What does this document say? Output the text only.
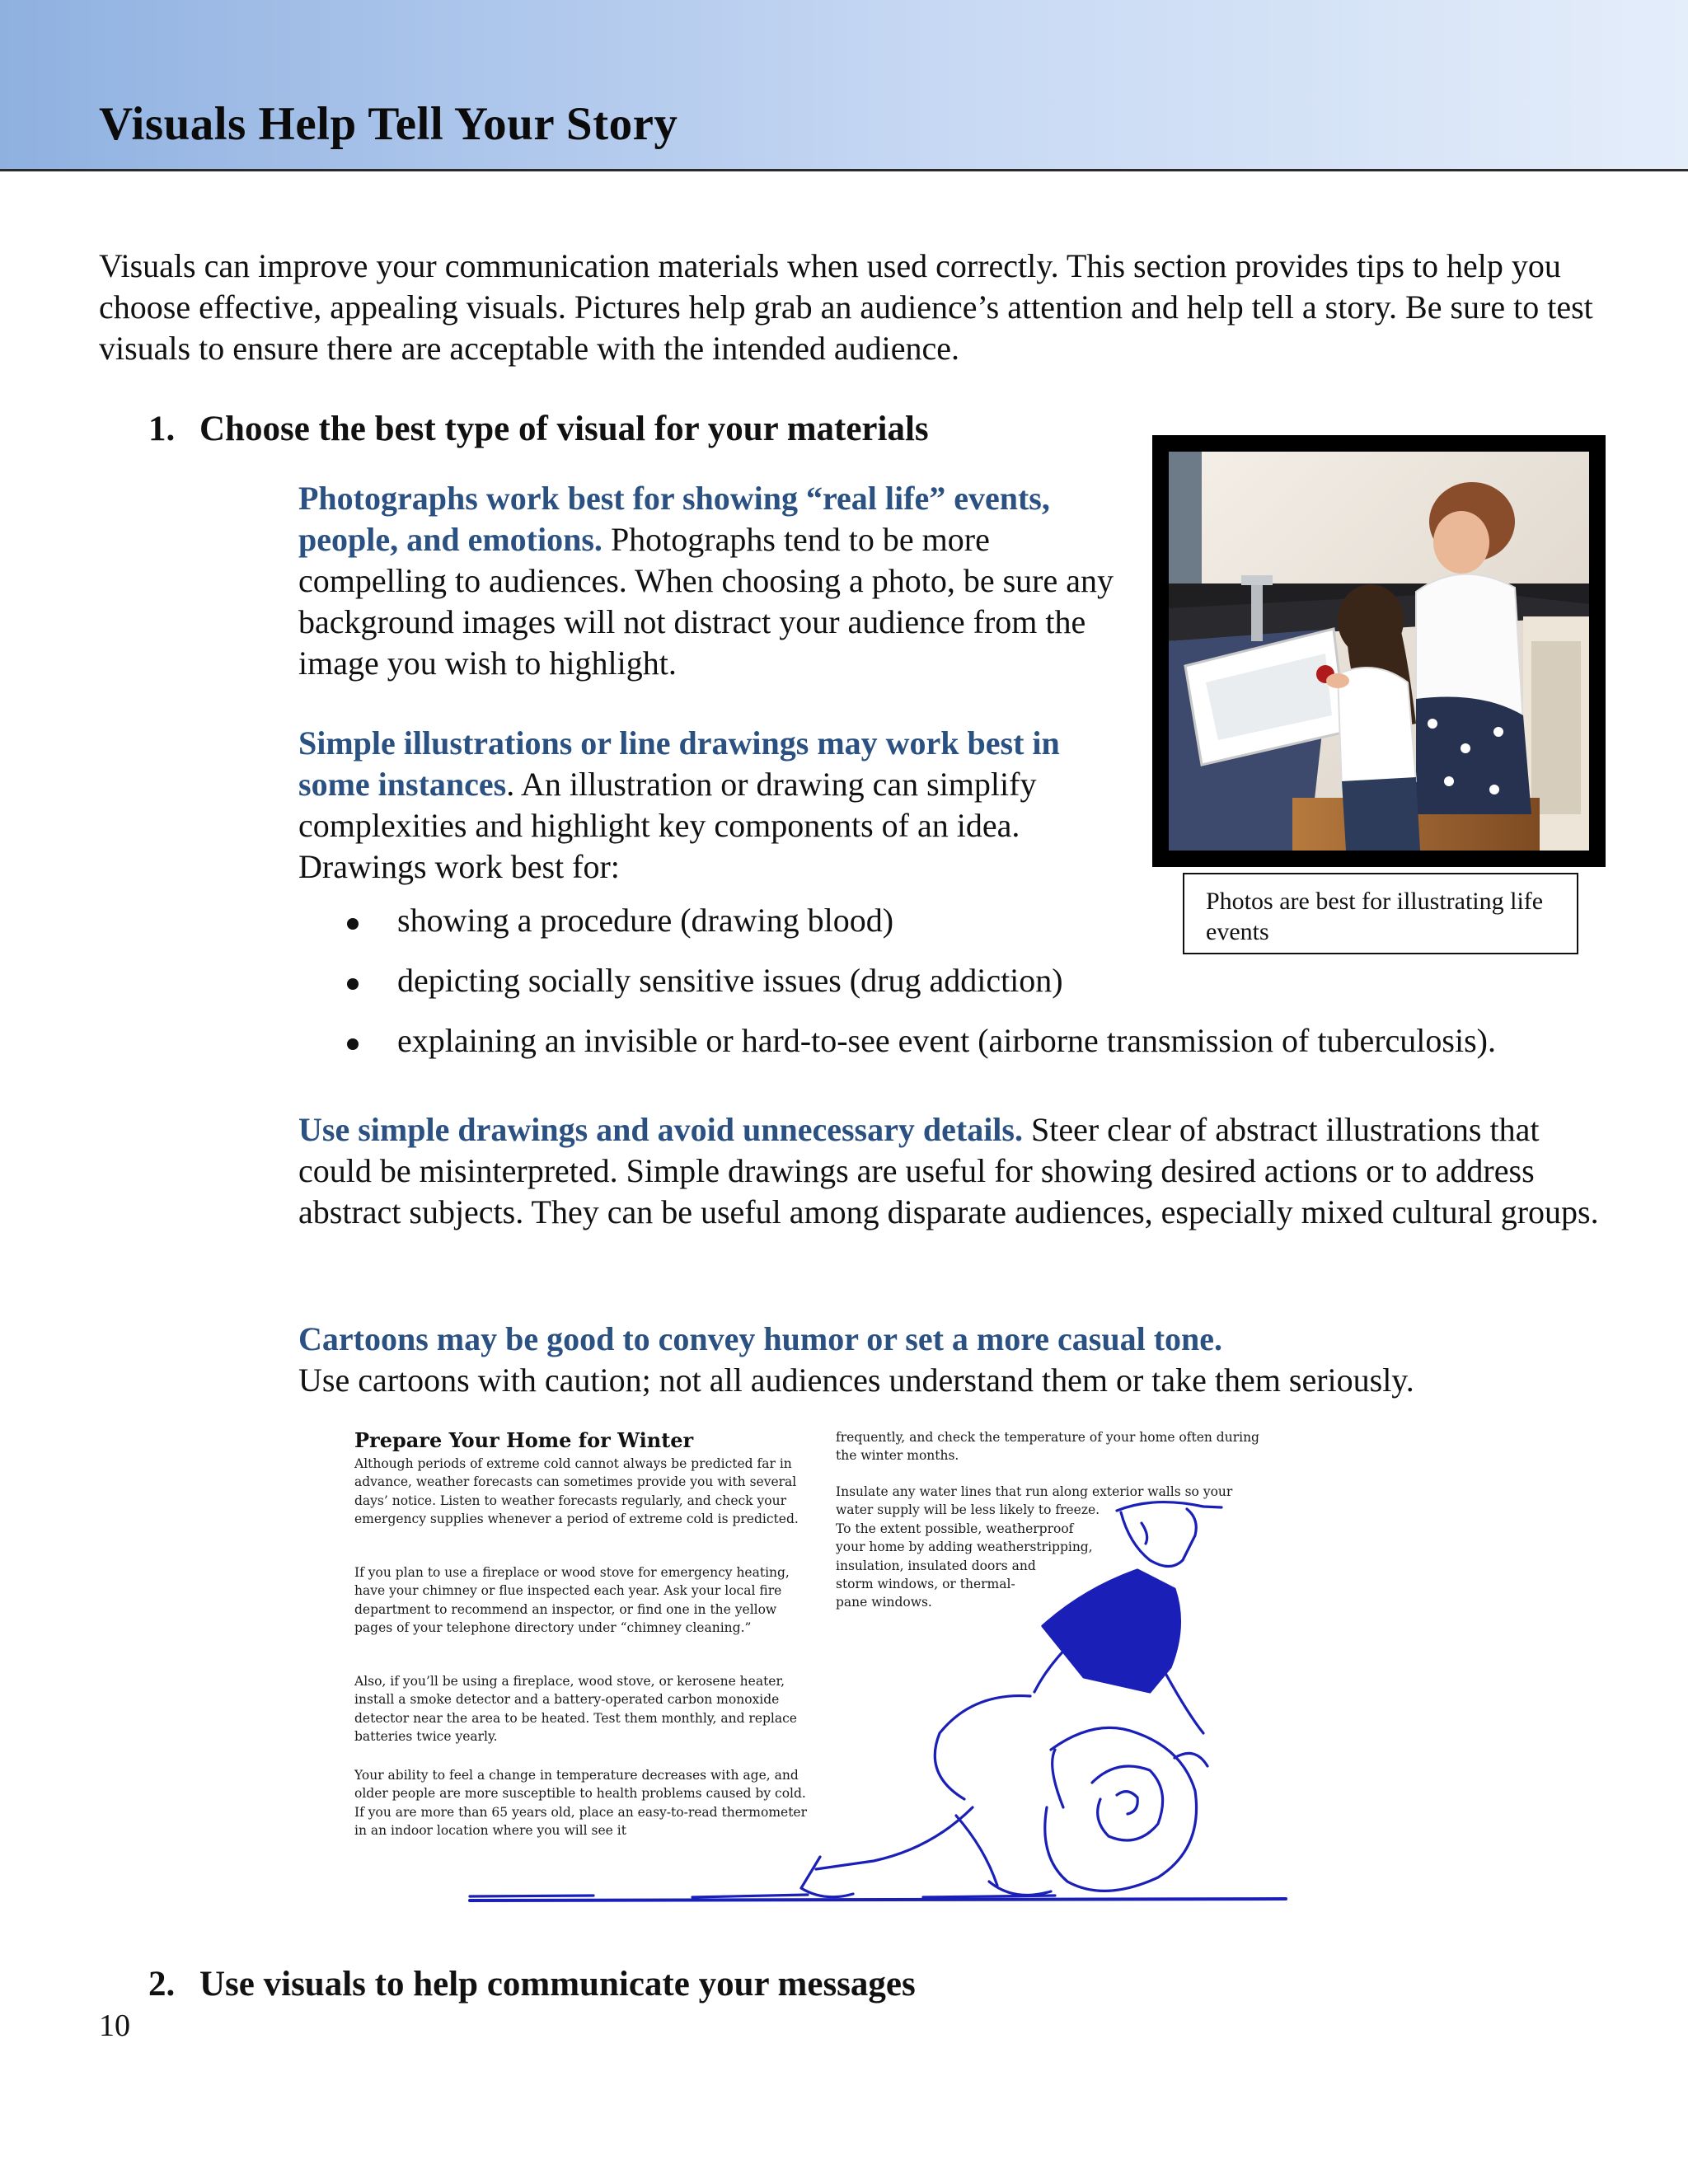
Visuals Help Tell Your Story

Visuals can improve your communication materials when used correctly. This section provides tips to help you choose effective, appealing visuals. Pictures help grab an audience’s attention and help tell a story. Be sure to test visuals to ensure there are acceptable with the intended audience.

1. Choose the best type of visual for your materials

Photographs work best for showing “real life” events, people, and emotions. Photographs tend to be more compelling to audiences. When choosing a photo, be sure any background images will not distract your audience from the image you wish to highlight.

Simple illustrations or line drawings may work best in some instances. An illustration or drawing can simplify complexities and highlight key components of an idea. Drawings work best for:

showing a procedure (drawing blood)
depicting socially sensitive issues (drug addiction)
explaining an invisible or hard-to-see event (airborne transmission of tuberculosis).

Use simple drawings and avoid unnecessary details. Steer clear of abstract illustrations that could be misinterpreted. Simple drawings are useful for showing desired actions or to address abstract subjects. They can be useful among disparate audiences, especially mixed cultural groups.

Cartoons may be good to convey humor or set a more casual tone.
Use cartoons with caution; not all audiences understand them or take them seriously.

Photos are best for illustrating life events

Prepare Your Home for Winter

Although periods of extreme cold cannot always be predicted far in advance, weather forecasts can sometimes provide you with several days’ notice. Listen to weather forecasts regularly, and check your emergency supplies whenever a period of extreme cold is predicted.

If you plan to use a fireplace or wood stove for emergency heating, have your chimney or flue inspected each year. Ask your local fire department to recommend an inspector, or find one in the yellow pages of your telephone directory under “chimney cleaning.”

Also, if you’ll be using a fireplace, wood stove, or kerosene heater, install a smoke detector and a battery-operated carbon monoxide detector near the area to be heated. Test them monthly, and replace batteries twice yearly.

Your ability to feel a change in temperature decreases with age, and older people are more susceptible to health problems caused by cold. If you are more than 65 years old, place an easy-to-read thermometer in an indoor location where you will see it

frequently, and check the temperature of your home often during the winter months.

Insulate any water lines that run along exterior walls so your water supply will be less likely to freeze.
To the extent possible, weatherproof
your home by adding weatherstripping,
insulation, insulated doors and
storm windows, or thermal-
pane windows.

2. Use visuals to help communicate your messages

10
